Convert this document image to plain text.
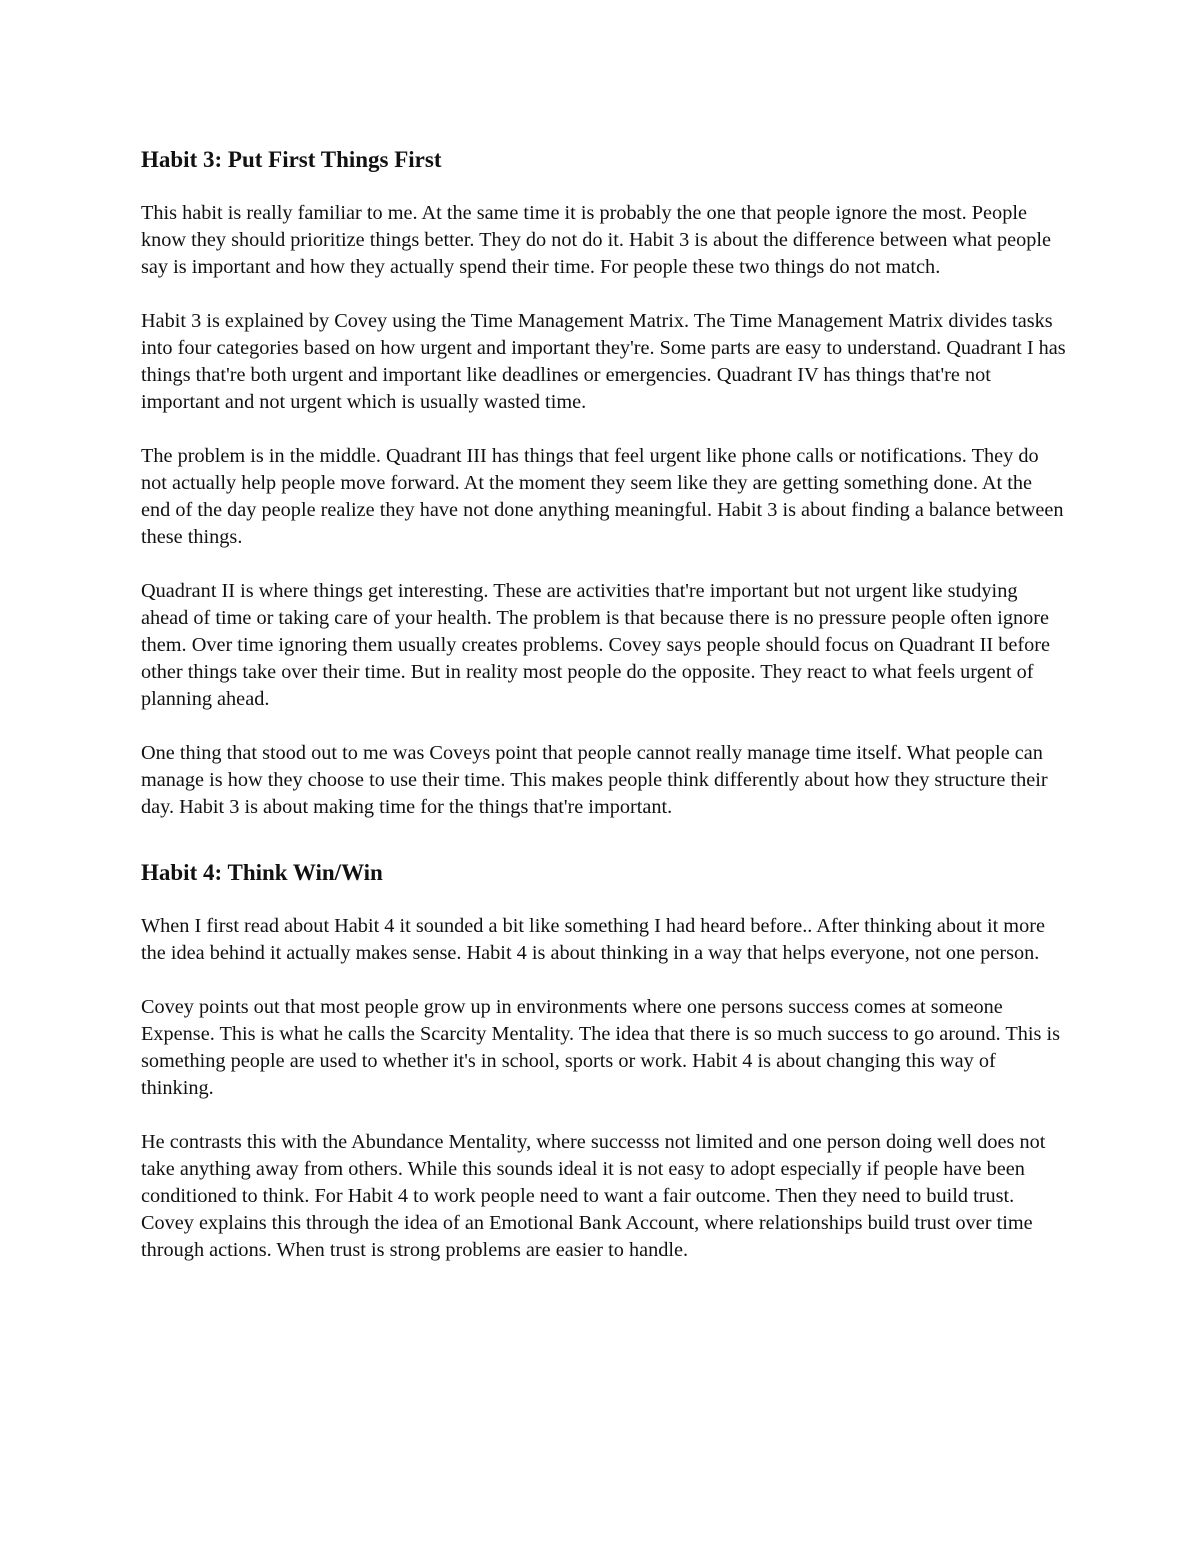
Habit 3: Put First Things First

This habit is really familiar to me. At the same time it is probably the one that people ignore the most. People know they should prioritize things better. They do not do it. Habit 3 is about the difference between what people say is important and how they actually spend their time. For people these two things do not match.

Habit 3 is explained by Covey using the Time Management Matrix. The Time Management Matrix divides tasks into four categories based on how urgent and important they're. Some parts are easy to understand. Quadrant I has things that're both urgent and important like deadlines or emergencies. Quadrant IV has things that're not important and not urgent which is usually wasted time.

The problem is in the middle. Quadrant III has things that feel urgent like phone calls or notifications. They do not actually help people move forward. At the moment they seem like they are getting something done. At the end of the day people realize they have not done anything meaningful. Habit 3 is about finding a balance between these things.

Quadrant II is where things get interesting. These are activities that're important but not urgent like studying ahead of time or taking care of your health. The problem is that because there is no pressure people often ignore them. Over time ignoring them usually creates problems. Covey says people should focus on Quadrant II before other things take over their time. But in reality most people do the opposite. They react to what feels urgent of planning ahead.

One thing that stood out to me was Coveys point that people cannot really manage time itself. What people can manage is how they choose to use their time. This makes people think differently about how they structure their day. Habit 3 is about making time for the things that're important.

Habit 4: Think Win/Win

When I first read about Habit 4 it sounded a bit like something I had heard before.. After thinking about it more the idea behind it actually makes sense. Habit 4 is about thinking in a way that helps everyone, not one person.

Covey points out that most people grow up in environments where one persons success comes at someone Expense. This is what he calls the Scarcity Mentality. The idea that there is so much success to go around. This is something people are used to whether it's in school, sports or work. Habit 4 is about changing this way of thinking.

He contrasts this with the Abundance Mentality, where successs not limited and one person doing well does not take anything away from others. While this sounds ideal it is not easy to adopt especially if people have been conditioned to think. For Habit 4 to work people need to want a fair outcome. Then they need to build trust. Covey explains this through the idea of an Emotional Bank Account, where relationships build trust over time through actions. When trust is strong problems are easier to handle.
